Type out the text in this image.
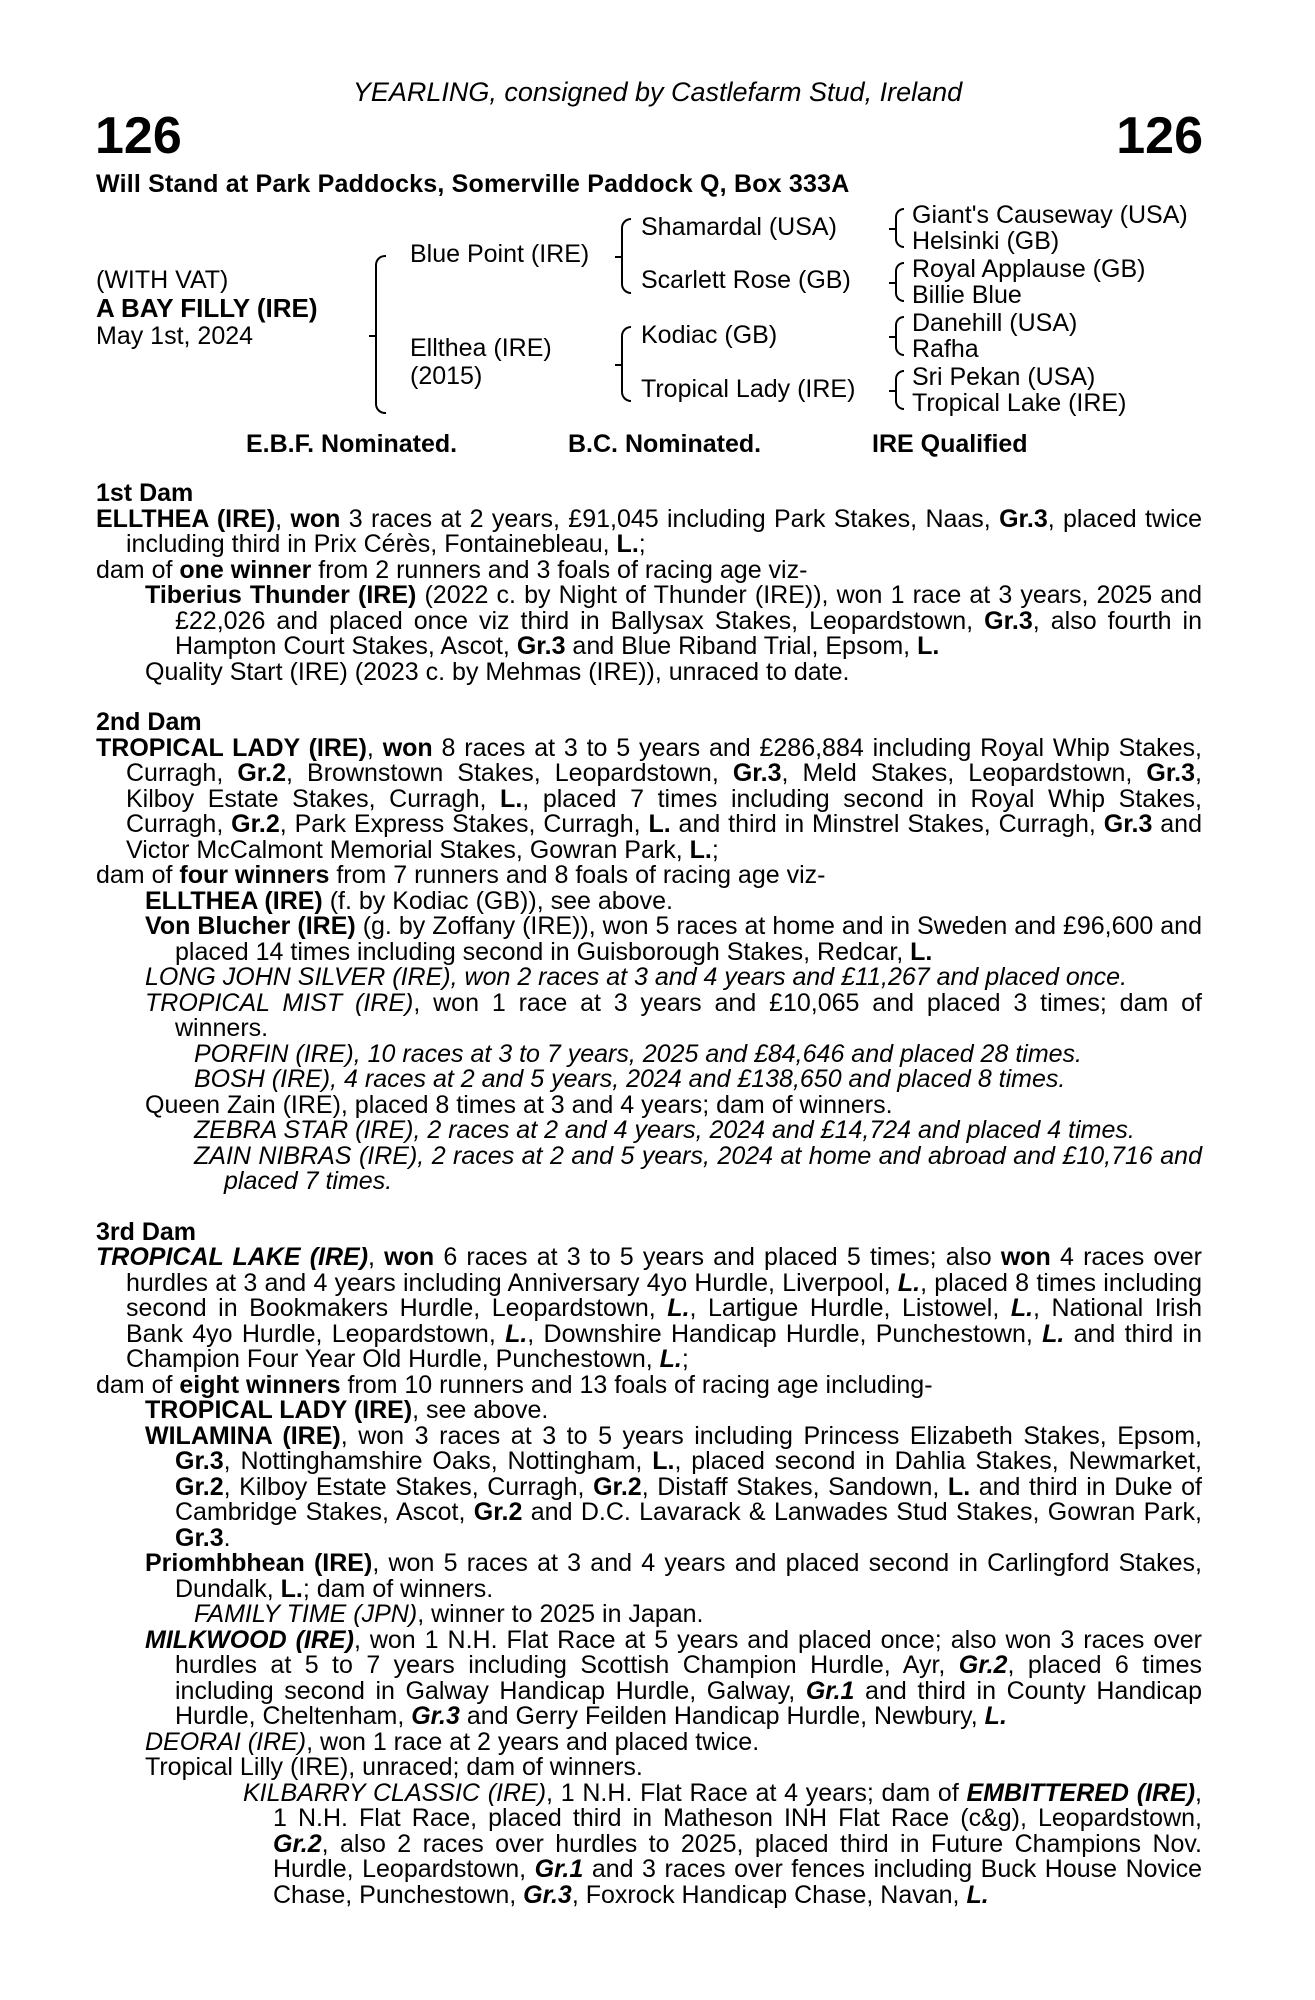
YEARLING, consigned by Castlefarm Stud, Ireland
126	126
Will Stand at Park Paddocks, Somerville Paddock Q, Box 333A
(WITH VAT)
A BAY FILLY (IRE)
May 1st, 2024
Blue Point (IRE)
Ellthea (IRE)
(2015)
Shamardal (USA)
Scarlett Rose (GB)
Kodiac (GB)
Tropical Lady (IRE)
Giant's Causeway (USA)
Helsinki (GB)
Royal Applause (GB)
Billie Blue
Danehill (USA)
Rafha
Sri Pekan (USA)
Tropical Lake (IRE)
E.B.F. Nominated.	B.C. Nominated.	IRE Qualified
1st Dam

ELLTHEA (IRE), won 3 races at 2 years, £91,045 including Park Stakes, Naas, Gr.3, placed twice including third in Prix Cérès, Fontainebleau, L.;

dam of one winner from 2 runners and 3 foals of racing age viz-

Tiberius Thunder (IRE) (2022 c. by Night of Thunder (IRE)), won 1 race at 3 years, 2025 and £22,026 and placed once viz third in Ballysax Stakes, Leopardstown, Gr.3, also fourth in Hampton Court Stakes, Ascot, Gr.3 and Blue Riband Trial, Epsom, L.

Quality Start (IRE) (2023 c. by Mehmas (IRE)), unraced to date.

2nd Dam

TROPICAL LADY (IRE), won 8 races at 3 to 5 years and £286,884 including Royal Whip Stakes, Curragh, Gr.2, Brownstown Stakes, Leopardstown, Gr.3, Meld Stakes, Leopardstown, Gr.3, Kilboy Estate Stakes, Curragh, L., placed 7 times including second in Royal Whip Stakes, Curragh, Gr.2, Park Express Stakes, Curragh, L. and third in Minstrel Stakes, Curragh, Gr.3 and Victor McCalmont Memorial Stakes, Gowran Park, L.;

dam of four winners from 7 runners and 8 foals of racing age viz-

ELLTHEA (IRE) (f. by Kodiac (GB)), see above.

Von Blucher (IRE) (g. by Zoffany (IRE)), won 5 races at home and in Sweden and £96,600 and placed 14 times including second in Guisborough Stakes, Redcar, L.

LONG JOHN SILVER (IRE), won 2 races at 3 and 4 years and £11,267 and placed once.

TROPICAL MIST (IRE), won 1 race at 3 years and £10,065 and placed 3 times; dam of winners.

PORFIN (IRE), 10 races at 3 to 7 years, 2025 and £84,646 and placed 28 times.

BOSH (IRE), 4 races at 2 and 5 years, 2024 and £138,650 and placed 8 times.

Queen Zain (IRE), placed 8 times at 3 and 4 years; dam of winners.

ZEBRA STAR (IRE), 2 races at 2 and 4 years, 2024 and £14,724 and placed 4 times.

ZAIN NIBRAS (IRE), 2 races at 2 and 5 years, 2024 at home and abroad and £10,716 and placed 7 times.

3rd Dam

TROPICAL LAKE (IRE), won 6 races at 3 to 5 years and placed 5 times; also won 4 races over hurdles at 3 and 4 years including Anniversary 4yo Hurdle, Liverpool, L., placed 8 times including second in Bookmakers Hurdle, Leopardstown, L., Lartigue Hurdle, Listowel, L., National Irish Bank 4yo Hurdle, Leopardstown, L., Downshire Handicap Hurdle, Punchestown, L. and third in Champion Four Year Old Hurdle, Punchestown, L.;

dam of eight winners from 10 runners and 13 foals of racing age including-

TROPICAL LADY (IRE), see above.

WILAMINA (IRE), won 3 races at 3 to 5 years including Princess Elizabeth Stakes, Epsom, Gr.3, Nottinghamshire Oaks, Nottingham, L., placed second in Dahlia Stakes, Newmarket, Gr.2, Kilboy Estate Stakes, Curragh, Gr.2, Distaff Stakes, Sandown, L. and third in Duke of Cambridge Stakes, Ascot, Gr.2 and D.C. Lavarack & Lanwades Stud Stakes, Gowran Park, Gr.3.

Priomhbhean (IRE), won 5 races at 3 and 4 years and placed second in Carlingford Stakes, Dundalk, L.; dam of winners.

FAMILY TIME (JPN), winner to 2025 in Japan.

MILKWOOD (IRE), won 1 N.H. Flat Race at 5 years and placed once; also won 3 races over hurdles at 5 to 7 years including Scottish Champion Hurdle, Ayr, Gr.2, placed 6 times including second in Galway Handicap Hurdle, Galway, Gr.1 and third in County Handicap Hurdle, Cheltenham, Gr.3 and Gerry Feilden Handicap Hurdle, Newbury, L.

DEORAI (IRE), won 1 race at 2 years and placed twice.

Tropical Lilly (IRE), unraced; dam of winners.

KILBARRY CLASSIC (IRE), 1 N.H. Flat Race at 4 years; dam of EMBITTERED (IRE), 1 N.H. Flat Race, placed third in Matheson INH Flat Race (c&g), Leopardstown, Gr.2, also 2 races over hurdles to 2025, placed third in Future Champions Nov. Hurdle, Leopardstown, Gr.1 and 3 races over fences including Buck House Novice Chase, Punchestown, Gr.3, Foxrock Handicap Chase, Navan, L.
